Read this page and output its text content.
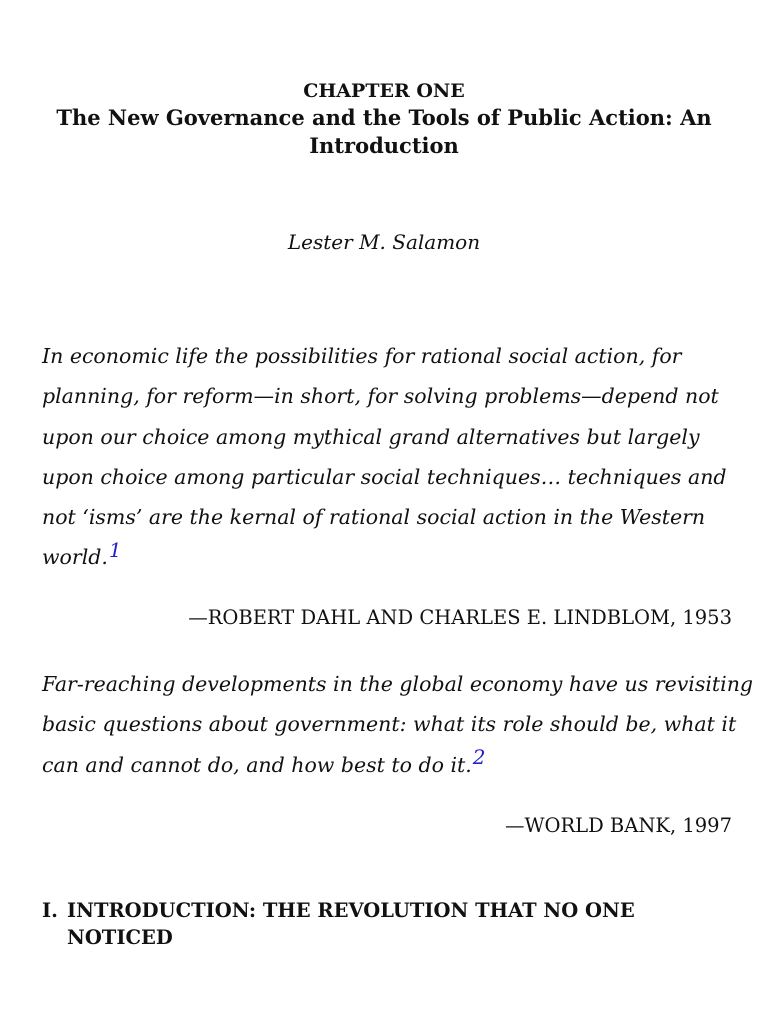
CHAPTER ONE
The New Governance and the Tools of Public Action: An Introduction
Lester M. Salamon
In economic life the possibilities for rational social action, for
planning, for reform—in short, for solving problems—depend not
upon our choice among mythical grand alternatives but largely
upon choice among particular social techniques… techniques and
not ‘isms’ are the kernal of rational social action in the Western
world.1
—ROBERT DAHL AND CHARLES E. LINDBLOM, 1953
Far-reaching developments in the global economy have us revisiting
basic questions about government: what its role should be, what it
can and cannot do, and how best to do it.2
—WORLD BANK, 1997
I. INTRODUCTION: THE REVOLUTION THAT NO ONE NOTICED
